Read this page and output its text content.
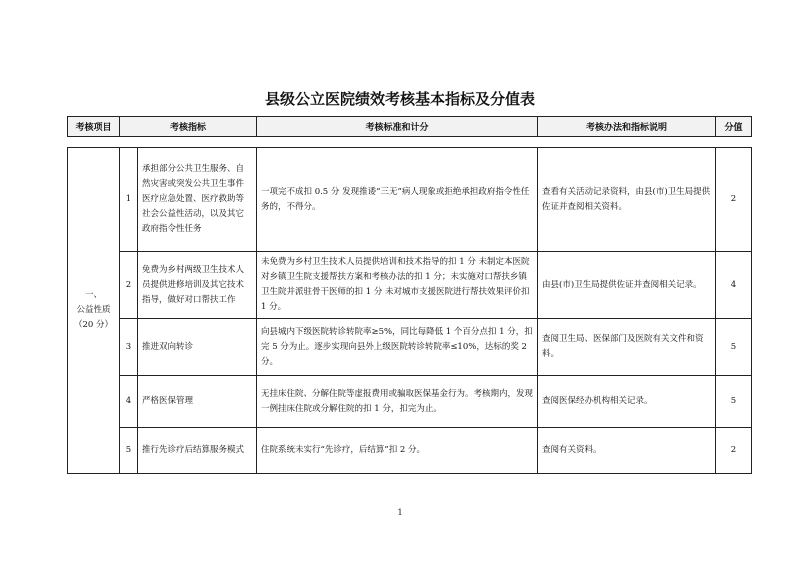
县级公立医院绩效考核基本指标及分值表
考核项目	考核指标	考核标准和计分	考核办法和指标说明	分值
一、
公益性质
（20 分）	1	承担部分公共卫生服务、自然灾害或突发公共卫生事件医疗应急处置、医疗救助等社会公益性活动，以及其它政府指令性任务	一项完不成扣 0.5 分 发现推诿“三无”病人现象或拒绝承担政府指令性任务的，不得分。	查看有关活动记录资料，由县(市)卫生局提供佐证并查阅相关资料。	2
	2	免费为乡村两级卫生技术人员提供进修培训及其它技术指导，做好对口帮扶工作	未免费为乡村卫生技术人员提供培训和技术指导的扣 1 分 未制定本医院对乡镇卫生院支援帮扶方案和考核办法的扣 1 分；未实施对口帮扶乡镇卫生院并派驻骨干医师的扣 1 分 未对城市支援医院进行帮扶效果评价扣 1 分。	由县(市)卫生局提供佐证并查阅相关记录。	4
	3	推进双向转诊	向县城内下级医院转诊转院率≥5%，同比每降低 1 个百分点扣 1 分，扣完 5 分为止。逐步实现向县外上级医院转诊转院率≤10%，达标的奖 2 分。	查阅卫生局、医保部门及医院有关文件和资料。	5
	4	严格医保管理	无挂床住院、分解住院等虚报费用或骗取医保基金行为。考核期内，发现一例挂床住院或分解住院的扣 1 分，扣完为止。	查阅医保经办机构相关记录。	5
	5	推行先诊疗后结算服务模式	住院系统未实行“先诊疗，后结算”扣 2 分。	查阅有关资料。	2
1
